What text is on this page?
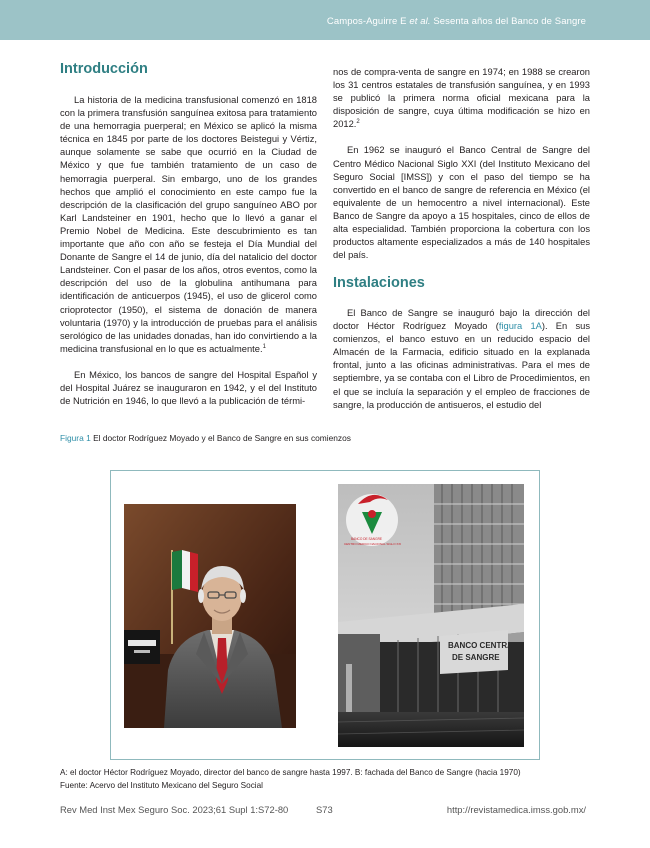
Campos-Aguirre E et al. Sesenta años del Banco de Sangre
Introducción

La historia de la medicina transfusional comenzó en 1818 con la primera transfusión sanguínea exitosa para tratamiento de una hemorragia puerperal; en México se aplicó la misma técnica en 1845 por parte de los doctores Beistegui y Vértiz, aunque solamente se sabe que ocurrió en la Ciudad de México y que fue también tratamiento de un caso de hemorragia puerperal. Sin embargo, uno de los grandes hechos que amplió el conocimiento en este campo fue la descripción de la clasificación del grupo sanguíneo ABO por Karl Landsteiner en 1901, hecho que lo llevó a ganar el Premio Nobel de Medicina. Este descubrimiento es tan importante que año con año se festeja el Día Mundial del Donante de Sangre el 14 de junio, día del natalicio del doctor Landsteiner. Con el pasar de los años, otros eventos, como la descripción del uso de la globulina antihumana para identificación de anticuerpos (1945), el uso de glicerol como crioprotector (1950), el sistema de donación de manera voluntaria (1970) y la introducción de pruebas para el análisis serológico de las unidades donadas, han ido convirtiendo a la medicina transfusional en lo que es actualmente.$^1$

En México, los bancos de sangre del Hospital Español y del Hospital Juárez se inauguraron en 1942, y el del Instituto de Nutrición en 1946, lo que llevó a la publicación de térmi-

nos de compra-venta de sangre en 1974; en 1988 se crearon los 31 centros estatales de transfusión sanguínea, y en 1993 se publicó la primera norma oficial mexicana para la disposición de sangre, cuya última modificación se hizo en 2012.$^2$

En 1962 se inauguró el Banco Central de Sangre del Centro Médico Nacional Siglo XXI (del Instituto Mexicano del Seguro Social [IMSS]) y con el paso del tiempo se ha convertido en el banco de sangre de referencia en México (el equivalente de un hemocentro a nivel internacional). Este Banco de Sangre da apoyo a 15 hospitales, cinco de ellos de alta especialidad. También proporciona la cobertura con los productos altamente especializados a más de 140 hospitales del país.

Instalaciones

El Banco de Sangre se inauguró bajo la dirección del doctor Héctor Rodríguez Moyado (figura 1A). En sus comienzos, el banco estuvo en un reducido espacio del Almacén de la Farmacia, edificio situado en la explanada frontal, junto a las oficinas administrativas. Para el mes de septiembre, ya se contaba con el Libro de Procedimientos, en el que se incluía la separación y el empleo de fracciones de sangre, la producción de antisueros, el estudio del

Figura 1 El doctor Rodríguez Moyado y el Banco de Sangre en sus comienzos
BANCO CENTRAL
DE SANGRE
BANCO DE SANGRE
CENTRO MEDICO NACIONAL SIGLO XXI
A: el doctor Héctor Rodríguez Moyado, director del banco de sangre hasta 1997. B: fachada del Banco de Sangre (hacia 1970)
Fuente: Acervo del Instituto Mexicano del Seguro Social
Rev Med Inst Mex Seguro Soc. 2023;61 Supl 1:S72-80	S73	http://revistamedica.imss.gob.mx/
